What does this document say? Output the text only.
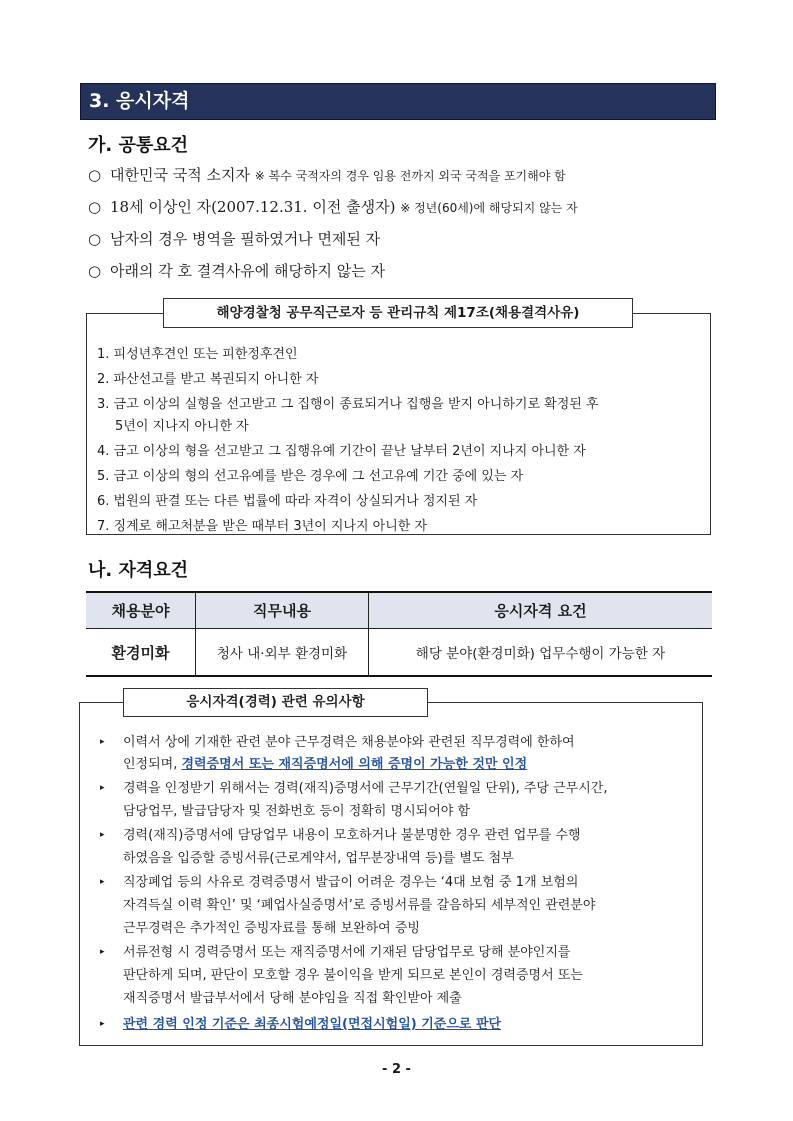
3. 응시자격
가. 공통요건
○ 대한민국 국적 소지자 ※ 복수 국적자의 경우 임용 전까지 외국 국적을 포기해야 함
○ 18세 이상인 자(2007.12.31. 이전 출생자) ※ 정년(60세)에 해당되지 않는 자
○ 남자의 경우 병역을 필하였거나 면제된 자
○ 아래의 각 호 결격사유에 해당하지 않는 자
해양경찰청 공무직근로자 등 관리규칙 제17조(채용결격사유)
1. 피성년후견인 또는 피한정후견인
2. 파산선고를 받고 복권되지 아니한 자
3. 금고 이상의 실형을 선고받고 그 집행이 종료되거나 집행을 받지 아니하기로 확정된 후
5년이 지나지 아니한 자
4. 금고 이상의 형을 선고받고 그 집행유예 기간이 끝난 날부터 2년이 지나지 아니한 자
5. 금고 이상의 형의 선고유예를 받은 경우에 그 선고유예 기간 중에 있는 자
6. 법원의 판결 또는 다른 법률에 따라 자격이 상실되거나 정지된 자
7. 징계로 해고처분을 받은 때부터 3년이 지나지 아니한 자
나. 자격요건
채용분야	직무내용	응시자격 요건
환경미화	청사 내·외부 환경미화	해당 분야(환경미화) 업무수행이 가능한 자
응시자격(경력) 관련 유의사항
▸ 이력서 상에 기재한 관련 분야 근무경력은 채용분야와 관련된 직무경력에 한하여
인정되며, 경력증명서 또는 재직증명서에 의해 증명이 가능한 것만 인정
▸ 경력을 인정받기 위해서는 경력(재직)증명서에 근무기간(연월일 단위), 주당 근무시간,
담당업무, 발급담당자 및 전화번호 등이 정확히 명시되어야 함
▸ 경력(재직)증명서에 담당업무 내용이 모호하거나 불분명한 경우 관련 업무를 수행
하였음을 입증할 증빙서류(근로계약서, 업무분장내역 등)를 별도 첨부
▸ 직장폐업 등의 사유로 경력증명서 발급이 어려운 경우는 ‘4대 보험 중 1개 보험의
자격득실 이력 확인’ 및 ‘폐업사실증명서’로 증빙서류를 갈음하되 세부적인 관련분야
근무경력은 추가적인 증빙자료를 통해 보완하여 증빙
▸ 서류전형 시 경력증명서 또는 재직증명서에 기재된 담당업무로 당해 분야인지를
판단하게 되며, 판단이 모호할 경우 불이익을 받게 되므로 본인이 경력증명서 또는
재직증명서 발급부서에서 당해 분야임을 직접 확인받아 제출
▸ 관련 경력 인정 기준은 최종시험예정일(면접시험일) 기준으로 판단
- 2 -
